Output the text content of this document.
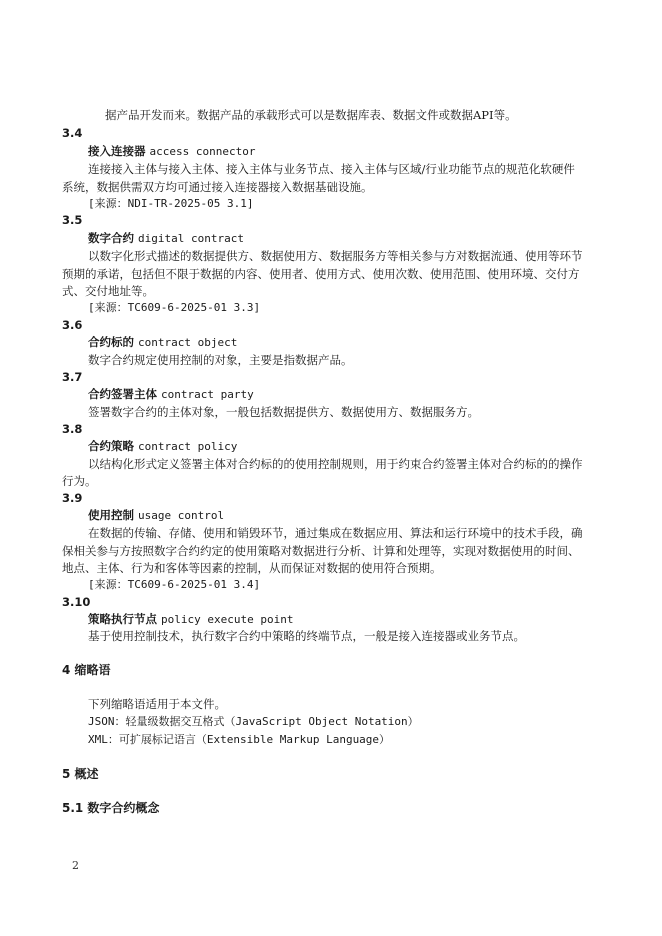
据产品开发而来。数据产品的承载形式可以是数据库表、数据文件或数据API等。
3.4
接入连接器 access connector
连接接入主体与接入主体、接入主体与业务节点、接入主体与区域/行业功能节点的规范化软硬件
系统，数据供需双方均可通过接入连接器接入数据基础设施。
[来源：NDI-TR-2025-05 3.1]
3.5
数字合约 digital contract
以数字化形式描述的数据提供方、数据使用方、数据服务方等相关参与方对数据流通、使用等环节
预期的承诺，包括但不限于数据的内容、使用者、使用方式、使用次数、使用范围、使用环境、交付方
式、交付地址等。
[来源：TC609-6-2025-01 3.3]
3.6
合约标的 contract object
数字合约规定使用控制的对象，主要是指数据产品。
3.7
合约签署主体 contract party
签署数字合约的主体对象，一般包括数据提供方、数据使用方、数据服务方。
3.8
合约策略 contract policy
以结构化形式定义签署主体对合约标的的使用控制规则，用于约束合约签署主体对合约标的的操作
行为。
3.9
使用控制 usage control
在数据的传输、存储、使用和销毁环节，通过集成在数据应用、算法和运行环境中的技术手段，确
保相关参与方按照数字合约约定的使用策略对数据进行分析、计算和处理等，实现对数据使用的时间、
地点、主体、行为和客体等因素的控制，从而保证对数据的使用符合预期。
[来源：TC609-6-2025-01 3.4]
3.10
策略执行节点 policy execute point
基于使用控制技术，执行数字合约中策略的终端节点，一般是接入连接器或业务节点。
4 缩略语
下列缩略语适用于本文件。
JSON：轻量级数据交互格式（JavaScript Object Notation）
XML：可扩展标记语言（Extensible Markup Language）
5 概述
5.1 数字合约概念
2
